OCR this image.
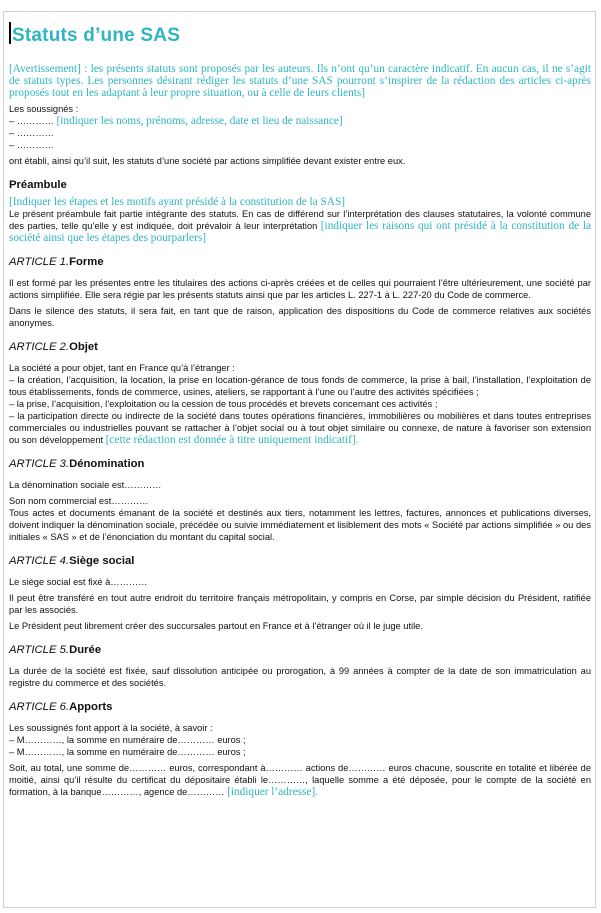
Statuts d’une SAS

[Avertissement] : les présents statuts sont proposés par les auteurs. Ils n’ont qu’un caractère indicatif. En aucun cas, il ne s’agit de statuts types. Les personnes désirant rédiger les statuts d’une SAS pourront s’inspirer de la rédaction des articles ci-après proposés tout en les adaptant à leur propre situation, ou à celle de leurs clients]

Les soussignés :

– ………… [indiquer les noms, prénoms, adresse, date et lieu de naissance]

– …………

– …………

ont établi, ainsi qu’il suit, les statuts d’une société par actions simplifiée devant exister entre eux.

Préambule

[Indiquer les étapes et les motifs ayant présidé à la constitution de la SAS]

Le présent préambule fait partie intégrante des statuts. En cas de différend sur l’interprétation des clauses statutaires, la volonté commune des parties, telle qu’elle y est indiquée, doit prévaloir à leur interprétation [indiquer les raisons qui ont présidé à la constitution de la société ainsi que les étapes des pourparlers]

ARTICLE 1.Forme

Il est formé par les présentes entre les titulaires des actions ci-après créées et de celles qui pourraient l’être ultérieurement, une société par actions simplifiée. Elle sera régie par les présents statuts ainsi que par les articles L. 227-1 à L. 227-20 du Code de commerce.

Dans le silence des statuts, il sera fait, en tant que de raison, application des dispositions du Code de commerce relatives aux sociétés anonymes.

ARTICLE 2.Objet

La société a pour objet, tant en France qu’à l’étranger :

– la création, l’acquisition, la location, la prise en location-gérance de tous fonds de commerce, la prise à bail, l’installation, l’exploitation de tous établissements, fonds de commerce, usines, ateliers, se rapportant à l’une ou l’autre des activités spécifiées ;

– la prise, l’acquisition, l’exploitation ou la cession de tous procédés et brevets concernant ces activités ;

– la participation directe ou indirecte de la société dans toutes opérations financières, immobilières ou mobilières et dans toutes entreprises commerciales ou industrielles pouvant se rattacher à l’objet social ou à tout objet similaire ou connexe, de nature à favoriser son extension ou son développement [cette rédaction est donnée à titre uniquement indicatif].

ARTICLE 3.Dénomination

La dénomination sociale est…………

Son nom commercial est…………

Tous actes et documents émanant de la société et destinés aux tiers, notamment les lettres, factures, annonces et publications diverses, doivent indiquer la dénomination sociale, précédée ou suivie immédiatement et lisiblement des mots « Société par actions simplifiée » ou des initiales « SAS » et de l’énonciation du montant du capital social.

ARTICLE 4.Siège social

Le siège social est fixé à…………

Il peut être transféré en tout autre endroit du territoire français métropolitain, y compris en Corse, par simple décision du Président, ratifiée par les associés.

Le Président peut librement créer des succursales partout en France et à l’étranger où il le juge utile.

ARTICLE 5.Durée

La durée de la société est fixée, sauf dissolution anticipée ou prorogation, à 99 années à compter de la date de son immatriculation au registre du commerce et des sociétés.

ARTICLE 6.Apports

Les soussignés font apport à la société, à savoir :

– M…………, la somme en numéraire de………… euros ;

– M…………, la somme en numéraire de………… euros ;

Soit, au total, une somme de………… euros, correspondant à………… actions de………… euros chacune, souscrite en totalité et libérée de moitié, ainsi qu’il résulte du certificat du dépositaire établi le…………, laquelle somme a été déposée, pour le compte de la société en formation, à la banque…………, agence de………… [indiquer l’adresse].
